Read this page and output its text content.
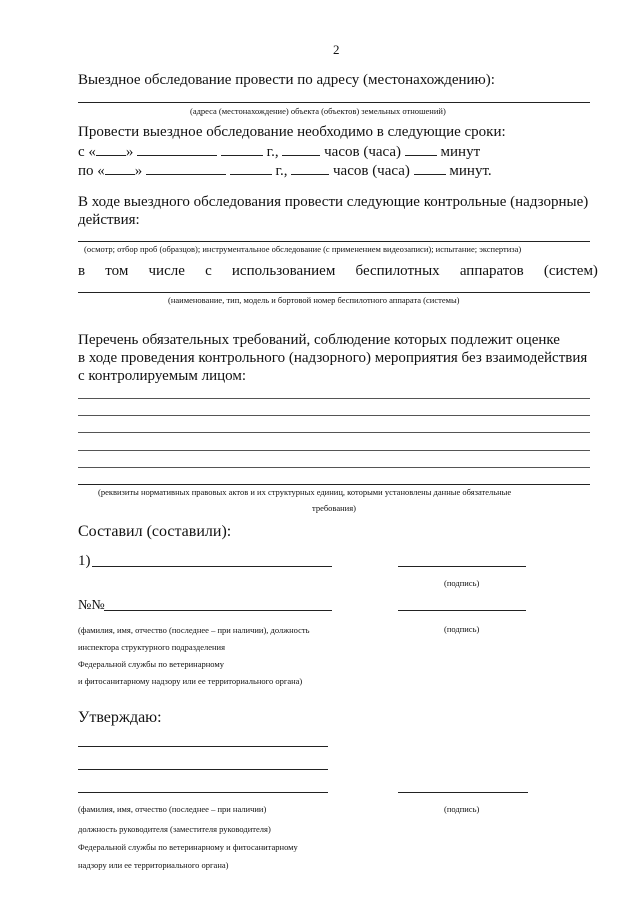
2
Выездное обследование провести по адресу (местонахождению):
(адреса (местонахождение) объекта (объектов) земельных отношений)
Провести выездное обследование необходимо в следующие сроки:
с « »	г.,	часов (часа)	минут
по « »	г.,	часов (часа)	минут.
В ходе выездного обследования провести следующие контрольные (надзорные)
действия:
(осмотр; отбор проб (образцов); инструментальное обследование (с применением видеозаписи); испытание; экспертиза)
в том числе с использованием беспилотных аппаратов (систем)
(наименование, тип, модель и бортовой номер беспилотного аппарата (системы)
Перечень обязательных требований, соблюдение которых подлежит оценке
в ходе проведения контрольного (надзорного) мероприятия без взаимодействия
с контролируемым лицом:
(реквизиты нормативных правовых актов и их структурных единиц, которыми установлены данные обязательные
требования)
Составил (составили):
1)
(подпись)
№№
(подпись)
(фамилия, имя, отчество (последнее – при наличии), должность
инспектора структурного подразделения
Федеральной службы по ветеринарному
и фитосанитарному надзору или ее территориального органа)
Утверждаю:
(фамилия, имя, отчество (последнее – при наличии)	(подпись)
должность руководителя (заместителя руководителя)
Федеральной службы по ветеринарному и фитосанитарному
надзору или ее территориального органа)
